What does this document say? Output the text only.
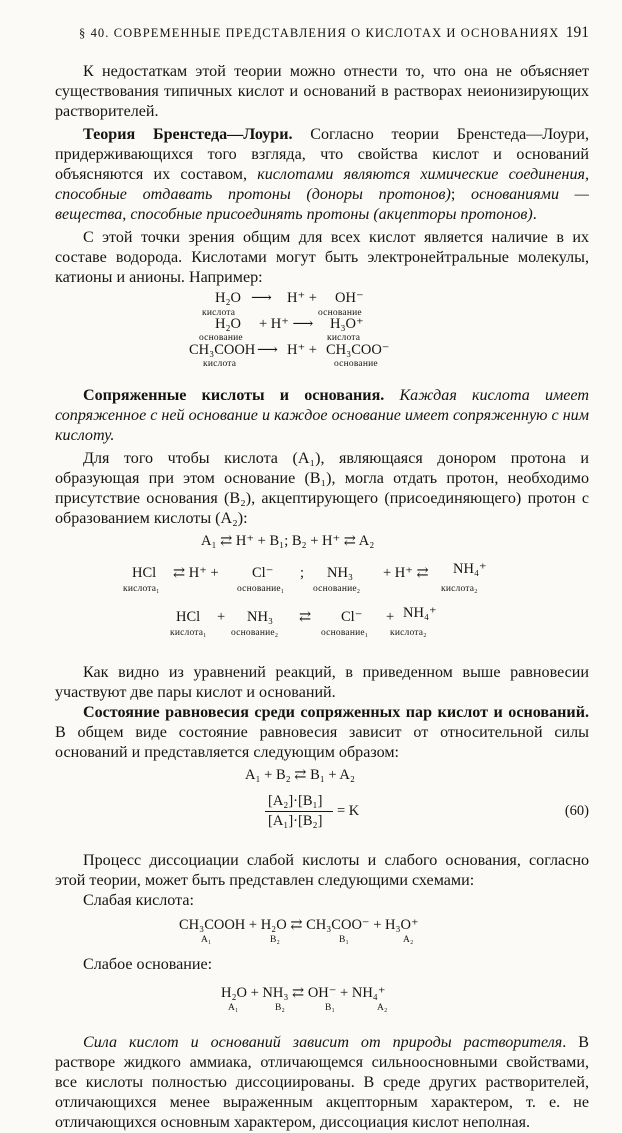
§ 40. СОВРЕМЕННЫЕ ПРЕДСТАВЛЕНИЯ О КИСЛОТАХ И ОСНОВАНИЯХ 191

К недостаткам этой теории можно отнести то, что она не объясняет существования типичных кислот и оснований в растворах неионизирующих растворителей.

Теория Бренстеда—Лоури. Согласно теории Бренстеда—Лоури, придерживающихся того взгляда, что свойства кислот и оснований объясняются их составом, кислотами являются химические соединения, способные отдавать протоны (доноры протонов); основаниями — вещества, способные присоединять протоны (акцепторы протонов).

С этой точки зрения общим для всех кислот является наличие в их составе водорода. Кислотами могут быть электронейтральные молекулы, катионы и анионы. Например:

H₂O ⟶ H⁺ + OH⁻
кислота	основание
H₂O + H⁺ ⟶ H₃O⁺
основание	кислота
CH₃COOH ⟶ H⁺ + CH₃COO⁻
кислота	основание

Сопряженные кислоты и основания. Каждая кислота имеет сопряженное с ней основание и каждое основание имеет сопряженную с ним кислоту.

Для того чтобы кислота (A₁), являющаяся донором протона и образующая при этом основание (B₁), могла отдать протон, необходимо присутствие основания (B₂), акцептирующего (присоединяющего) протон с образованием кислоты (A₂):

A₁ ⇄ H⁺ + B₁; B₂ + H⁺ ⇄ A₂
HCl ⇄ H⁺ + Cl⁻ ; NH₃ + H⁺ ⇄ NH₄⁺
кислота₁	основание₁	основание₂	кислота₂
HCl + NH₃ ⇄ Cl⁻ + NH₄⁺
кислота₁	основание₂	основание₁ кислота₂

Как видно из уравнений реакций, в приведенном выше равновесии участвуют две пары кислот и оснований.

Состояние равновесия среди сопряженных пар кислот и оснований. В общем виде состояние равновесия зависит от относительной силы оснований и представляется следующим образом:

A₁ + B₂ ⇄ B₁ + A₂
[A₂]·[B₁]
[A₁]·[B₂]
= K	(60)

Процесс диссоциации слабой кислоты и слабого основания, согласно этой теории, может быть представлен следующими схемами:

Слабая кислота:

CH₃COOH + H₂O ⇄ CH₃COO⁻ + H₃O⁺
A₁	B₂	B₁	A₂

Слабое основание:

H₂O + NH₃ ⇄ OH⁻ + NH₄⁺
A₁	B₂	B₁	A₂

Сила кислот и оснований зависит от природы растворителя. В растворе жидкого аммиака, отличающемся сильноосновными свойствами, все кислоты полностью диссоциированы. В среде других растворителей, отличающихся менее выраженным акцепторным характером, т. е. не отличающихся основным характером, диссоциация кислот неполная.
